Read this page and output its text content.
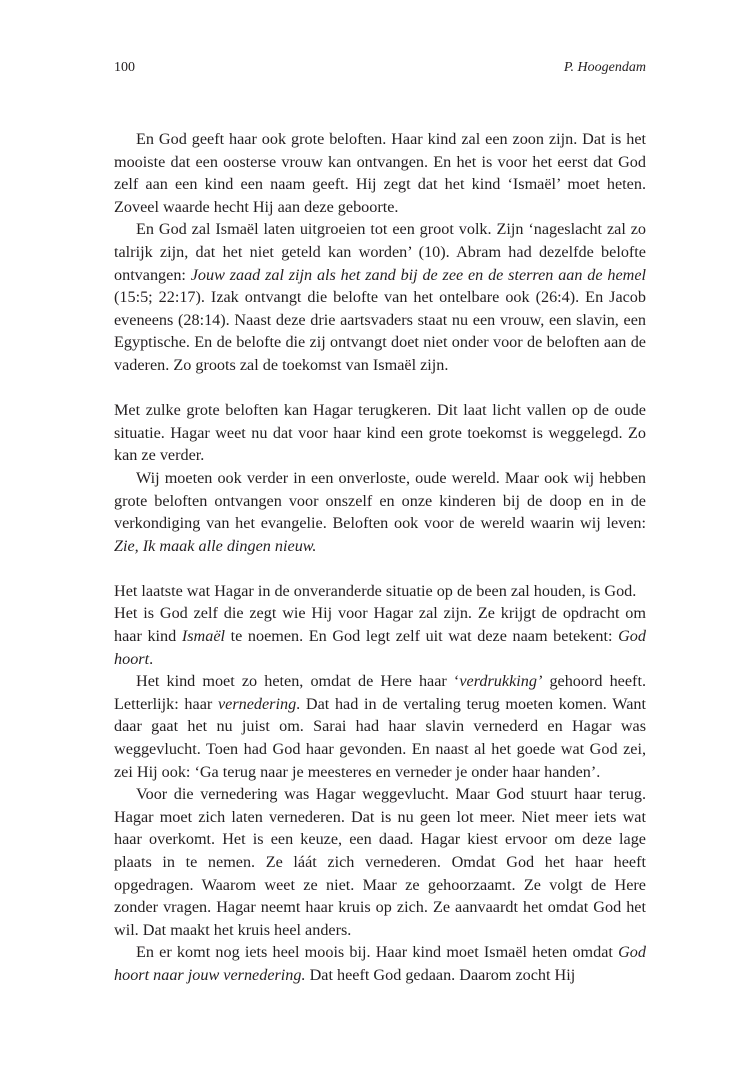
100	P. Hoogendam

En God geeft haar ook grote beloften. Haar kind zal een zoon zijn. Dat is het mooiste dat een oosterse vrouw kan ontvangen. En het is voor het eerst dat God zelf aan een kind een naam geeft. Hij zegt dat het kind ‘Ismaël’ moet heten. Zoveel waarde hecht Hij aan deze geboorte.

En God zal Ismaël laten uitgroeien tot een groot volk. Zijn ‘nageslacht zal zo talrijk zijn, dat het niet geteld kan worden’ (10). Abram had dezelfde belofte ontvangen: Jouw zaad zal zijn als het zand bij de zee en de sterren aan de hemel (15:5; 22:17). Izak ontvangt die belofte van het ontelbare ook (26:4). En Jacob eveneens (28:14). Naast deze drie aartsvaders staat nu een vrouw, een slavin, een Egyptische. En de belofte die zij ontvangt doet niet onder voor de beloften aan de vaderen. Zo groots zal de toekomst van Ismaël zijn.

Met zulke grote beloften kan Hagar terugkeren. Dit laat licht vallen op de oude situatie. Hagar weet nu dat voor haar kind een grote toekomst is weggelegd. Zo kan ze verder.

Wij moeten ook verder in een onverloste, oude wereld. Maar ook wij hebben grote beloften ontvangen voor onszelf en onze kinderen bij de doop en in de verkondiging van het evangelie. Beloften ook voor de wereld waarin wij leven: Zie, Ik maak alle dingen nieuw.

Het laatste wat Hagar in de onveranderde situatie op de been zal houden, is God.

Het is God zelf die zegt wie Hij voor Hagar zal zijn. Ze krijgt de opdracht om haar kind Ismaël te noemen. En God legt zelf uit wat deze naam betekent: God hoort.

Het kind moet zo heten, omdat de Here haar ‘verdrukking’ gehoord heeft. Letterlijk: haar vernedering. Dat had in de vertaling terug moeten komen. Want daar gaat het nu juist om. Sarai had haar slavin vernederd en Hagar was weggevlucht. Toen had God haar gevonden. En naast al het goede wat God zei, zei Hij ook: ‘Ga terug naar je meesteres en verneder je onder haar handen’.

Voor die vernedering was Hagar weggevlucht. Maar God stuurt haar terug. Hagar moet zich laten vernederen. Dat is nu geen lot meer. Niet meer iets wat haar overkomt. Het is een keuze, een daad. Hagar kiest ervoor om deze lage plaats in te nemen. Ze láát zich vernederen. Omdat God het haar heeft opgedragen. Waarom weet ze niet. Maar ze gehoorzaamt. Ze volgt de Here zonder vragen. Hagar neemt haar kruis op zich. Ze aanvaardt het omdat God het wil. Dat maakt het kruis heel anders.

En er komt nog iets heel moois bij. Haar kind moet Ismaël heten omdat God hoort naar jouw vernedering. Dat heeft God gedaan. Daarom zocht Hij
